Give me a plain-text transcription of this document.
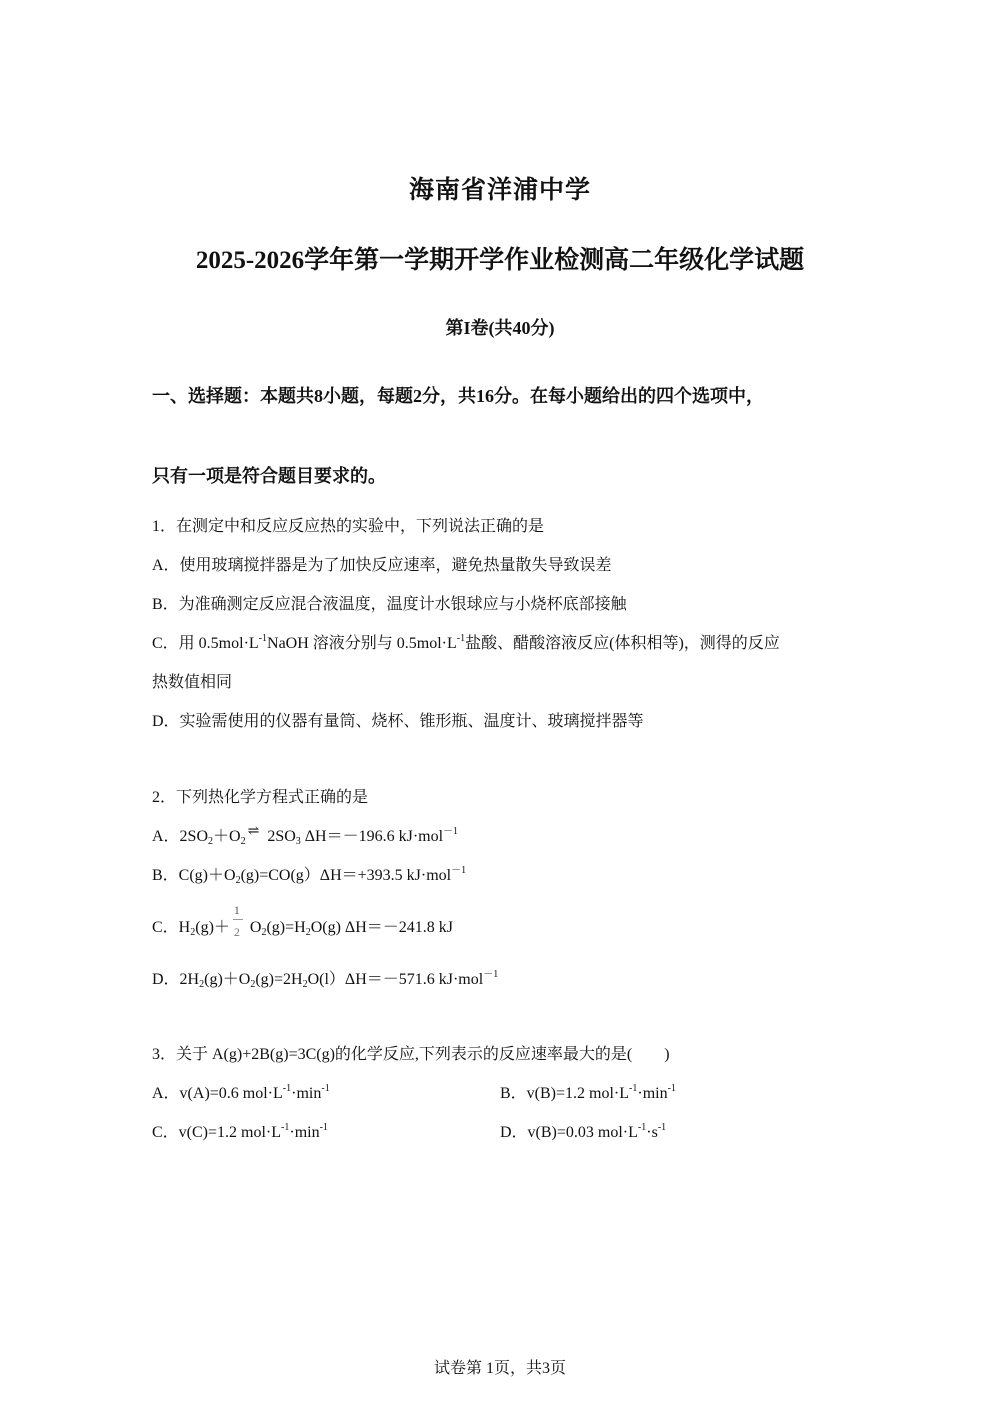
海南省洋浦中学
2025-2026学年第一学期开学作业检测高二年级化学试题
第I卷(共40分)
一、选择题：本题共8小题，每题2分，共16分。在每小题给出的四个选项中，
只有一项是符合题目要求的。
1．在测定中和反应反应热的实验中，下列说法正确的是
A．使用玻璃搅拌器是为了加快反应速率，避免热量散失导致误差
B．为准确测定反应混合液温度，温度计水银球应与小烧杯底部接触
C．用 $0.5mol\cdot L^{-1}NaOH$ 溶液分别与 $0.5mol\cdot L^{-1}$盐酸、醋酸溶液反应(体积相等)，测得的反应
热数值相同
D．实验需使用的仪器有量筒、烧杯、锥形瓶、温度计、玻璃搅拌器等
2．下列热化学方程式正确的是
A．$2SO_2+O_2\rightleftharpoons$ $2SO_3$ ΔH＝－196.6 kJ·mol$^{-1}$
B．$C(g)+O_2(g)=CO(g)\Delta H=+393.5$ kJ·mol$^{-1}$
C．$H_2(g)+ \frac{1}{2} O_2(g)=H_2O(g)$ ΔH＝－241.8 kJ
D．$2H_2(g)+O_2(g)=2H_2O(l)\Delta H=-571.6$ kJ·mol$^{-1}$
3．关于 A(g)+2B(g)=3C(g)的化学反应,下列表示的反应速率最大的是(　　)
A．v(A)=0.6 $mol\cdot L^{-1}\cdot\min^{-1}$	B．v(B)=1.2 $mol\cdot L^{-1}\cdot\min^{-1}$
C．v(C)=1.2 $mol\cdot L^{-1}\cdot\min^{-1}$	D．v(B)=0.03 $mol\cdot L^{-1}\cdot s^{-1}$
试卷第 1页，共3页
